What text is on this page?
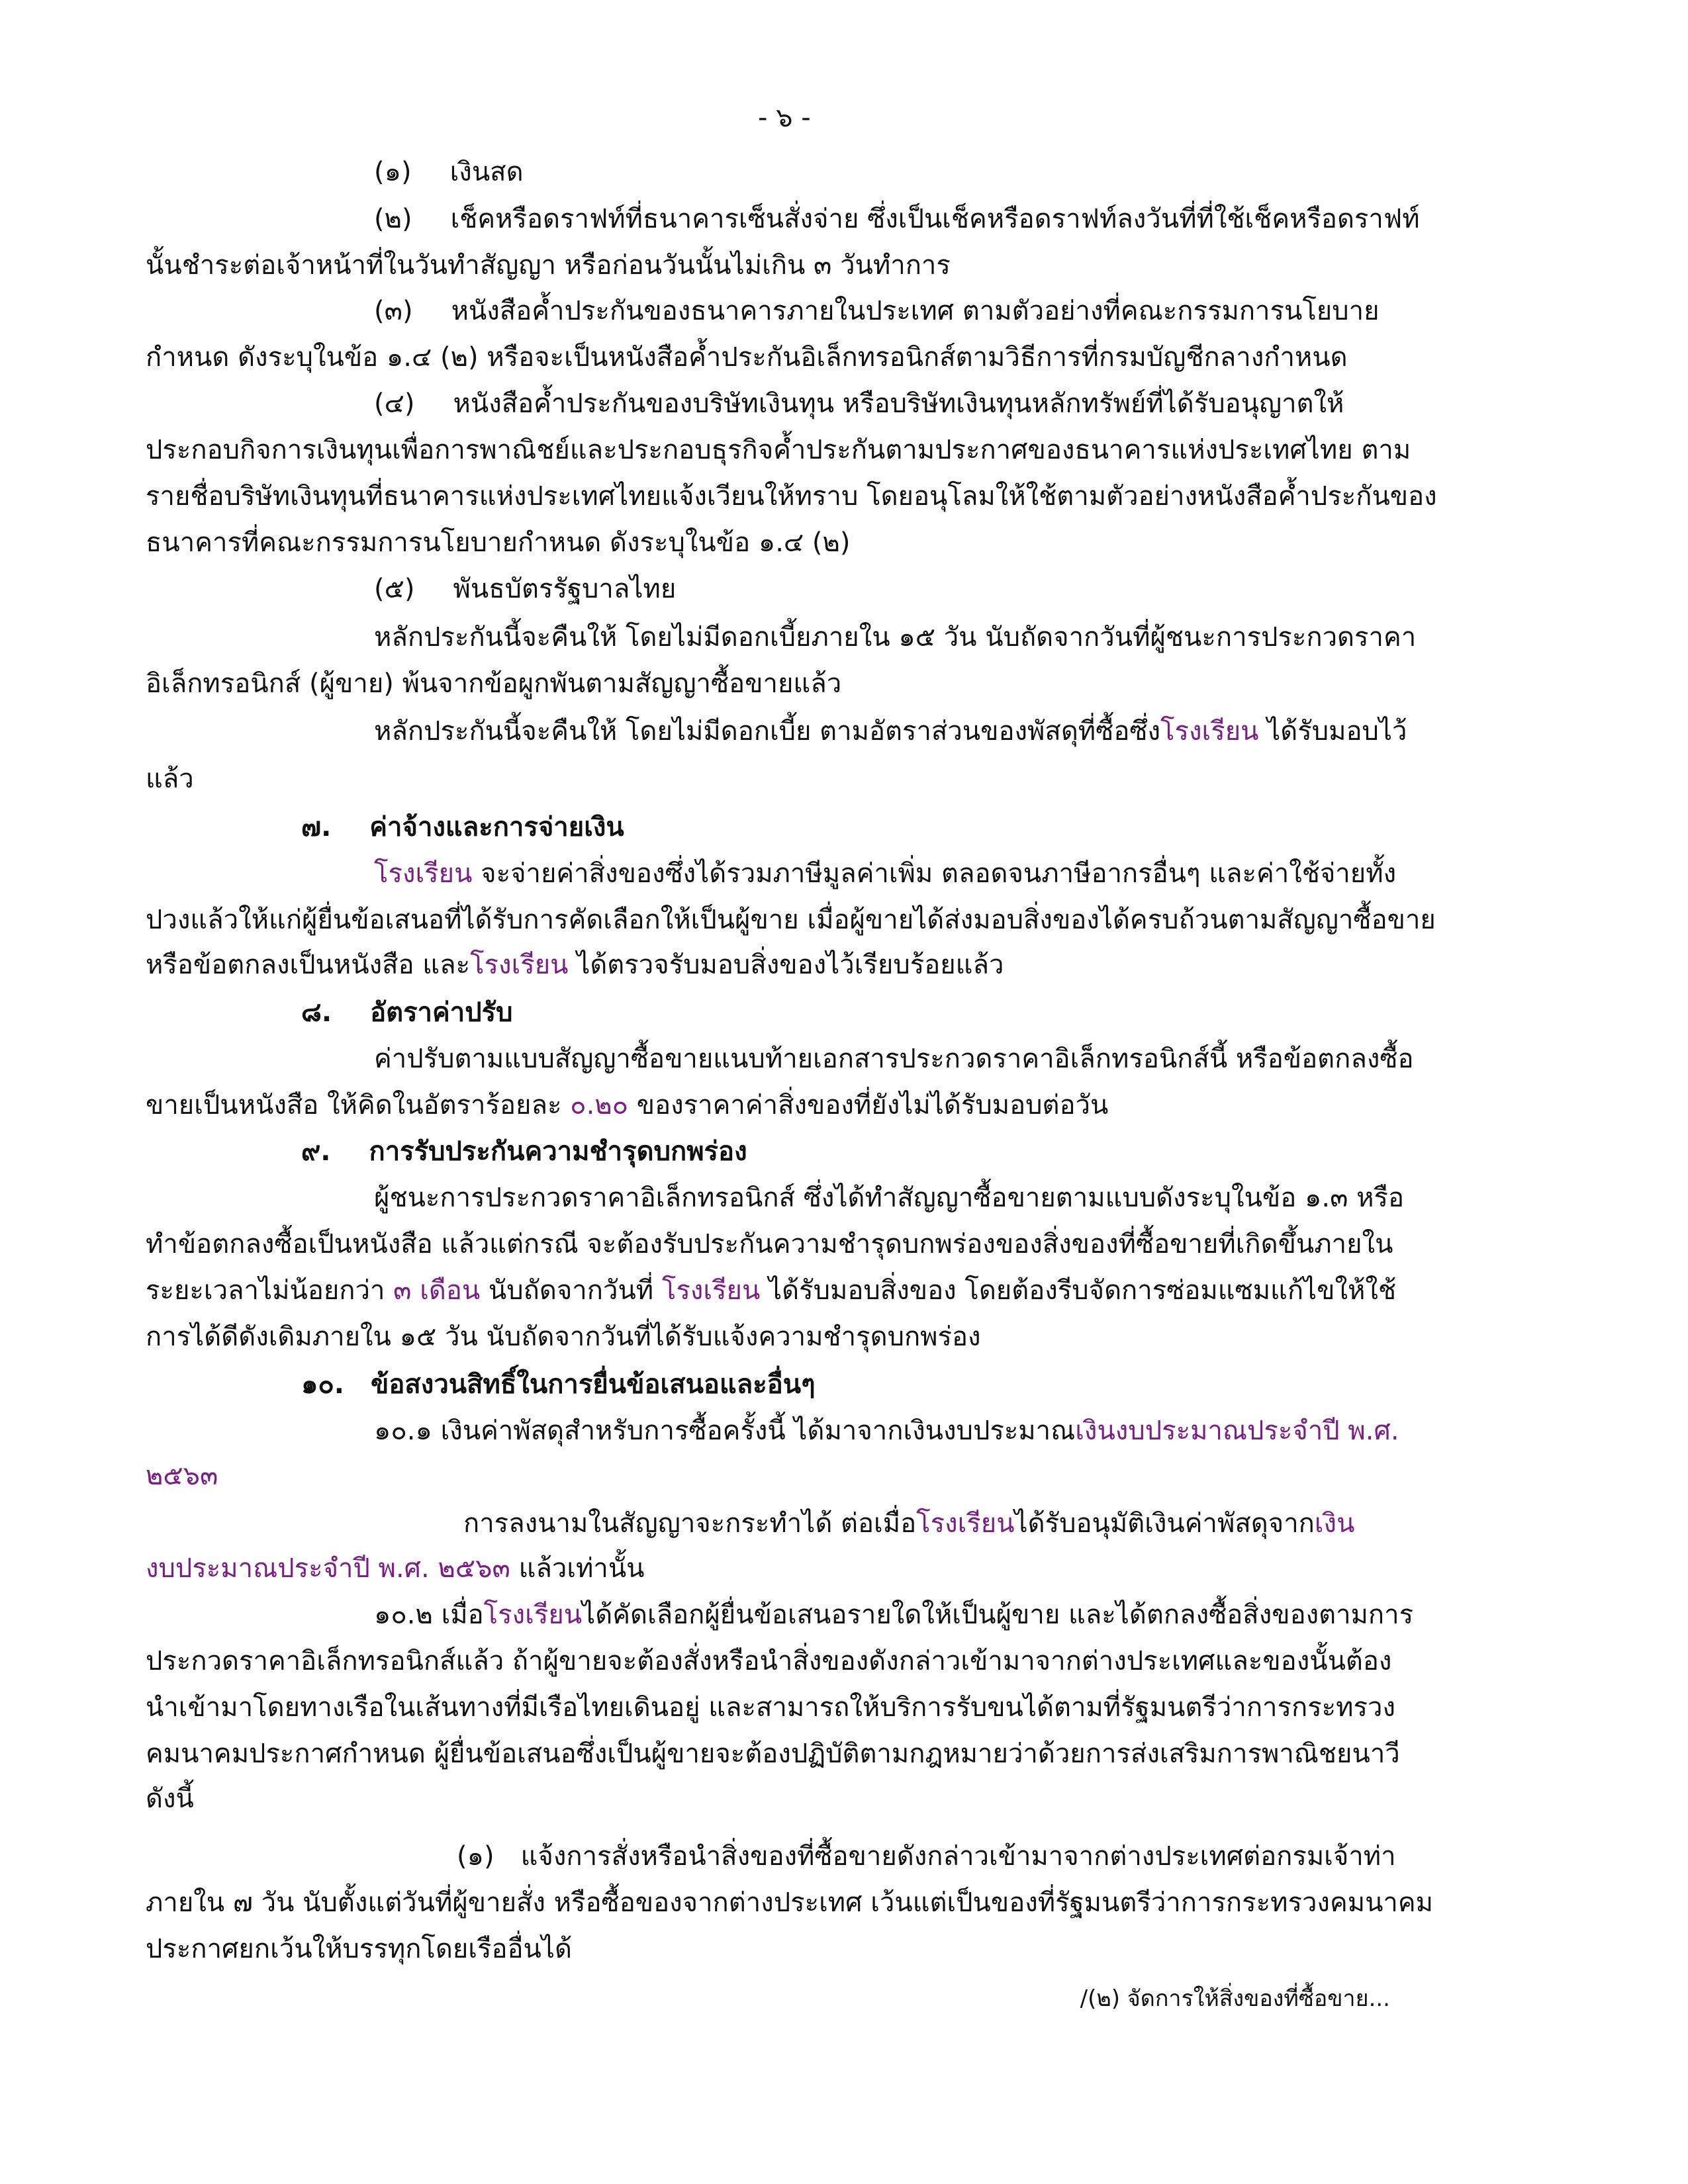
- ๖ -
(๑) เงินสด
(๒) เช็คหรือดราฟท์ที่ธนาคารเซ็นสั่งจ่าย ซึ่งเป็นเช็คหรือดราฟท์ลงวันที่ที่ใช้เช็คหรือดราฟท์
นั้นชำระต่อเจ้าหน้าที่ในวันทำสัญญา หรือก่อนวันนั้นไม่เกิน ๓ วันทำการ
(๓) หนังสือค้ำประกันของธนาคารภายในประเทศ ตามตัวอย่างที่คณะกรรมการนโยบาย
กำหนด ดังระบุในข้อ ๑.๔ (๒) หรือจะเป็นหนังสือค้ำประกันอิเล็กทรอนิกส์ตามวิธีการที่กรมบัญชีกลางกำหนด
(๔) หนังสือค้ำประกันของบริษัทเงินทุน หรือบริษัทเงินทุนหลักทรัพย์ที่ได้รับอนุญาตให้
ประกอบกิจการเงินทุนเพื่อการพาณิชย์และประกอบธุรกิจค้ำประกันตามประกาศของธนาคารแห่งประเทศไทย ตาม
รายชื่อบริษัทเงินทุนที่ธนาคารแห่งประเทศไทยแจ้งเวียนให้ทราบ โดยอนุโลมให้ใช้ตามตัวอย่างหนังสือค้ำประกันของ
ธนาคารที่คณะกรรมการนโยบายกำหนด ดังระบุในข้อ ๑.๔ (๒)
(๕) พันธบัตรรัฐบาลไทย
หลักประกันนี้จะคืนให้ โดยไม่มีดอกเบี้ยภายใน ๑๕ วัน นับถัดจากวันที่ผู้ชนะการประกวดราคา
อิเล็กทรอนิกส์ (ผู้ขาย) พ้นจากข้อผูกพันตามสัญญาซื้อขายแล้ว
หลักประกันนี้จะคืนให้ โดยไม่มีดอกเบี้ย ตามอัตราส่วนของพัสดุที่ซื้อซึ่งโรงเรียน ได้รับมอบไว้
แล้ว
๗. ค่าจ้างและการจ่ายเงิน
โรงเรียน จะจ่ายค่าสิ่งของซึ่งได้รวมภาษีมูลค่าเพิ่ม ตลอดจนภาษีอากรอื่นๆ และค่าใช้จ่ายทั้ง
ปวงแล้วให้แก่ผู้ยื่นข้อเสนอที่ได้รับการคัดเลือกให้เป็นผู้ขาย เมื่อผู้ขายได้ส่งมอบสิ่งของได้ครบถ้วนตามสัญญาซื้อขาย
หรือข้อตกลงเป็นหนังสือ และโรงเรียน ได้ตรวจรับมอบสิ่งของไว้เรียบร้อยแล้ว
๘. อัตราค่าปรับ
ค่าปรับตามแบบสัญญาซื้อขายแนบท้ายเอกสารประกวดราคาอิเล็กทรอนิกส์นี้ หรือข้อตกลงซื้อ
ขายเป็นหนังสือ ให้คิดในอัตราร้อยละ ๐.๒๐ ของราคาค่าสิ่งของที่ยังไม่ได้รับมอบต่อวัน
๙. การรับประกันความชำรุดบกพร่อง
ผู้ชนะการประกวดราคาอิเล็กทรอนิกส์ ซึ่งได้ทำสัญญาซื้อขายตามแบบดังระบุในข้อ ๑.๓ หรือ
ทำข้อตกลงซื้อเป็นหนังสือ แล้วแต่กรณี จะต้องรับประกันความชำรุดบกพร่องของสิ่งของที่ซื้อขายที่เกิดขึ้นภายใน
ระยะเวลาไม่น้อยกว่า ๓ เดือน นับถัดจากวันที่ โรงเรียน ได้รับมอบสิ่งของ โดยต้องรีบจัดการซ่อมแซมแก้ไขให้ใช้
การได้ดีดังเดิมภายใน ๑๕ วัน นับถัดจากวันที่ได้รับแจ้งความชำรุดบกพร่อง
๑๐. ข้อสงวนสิทธิ์ในการยื่นข้อเสนอและอื่นๆ
๑๐.๑ เงินค่าพัสดุสำหรับการซื้อครั้งนี้ ได้มาจากเงินงบประมาณเงินงบประมาณประจำปี พ.ศ.
๒๕๖๓
การลงนามในสัญญาจะกระทำได้ ต่อเมื่อโรงเรียนได้รับอนุมัติเงินค่าพัสดุจากเงิน
งบประมาณประจำปี พ.ศ. ๒๕๖๓ แล้วเท่านั้น
๑๐.๒ เมื่อโรงเรียนได้คัดเลือกผู้ยื่นข้อเสนอรายใดให้เป็นผู้ขาย และได้ตกลงซื้อสิ่งของตามการ
ประกวดราคาอิเล็กทรอนิกส์แล้ว ถ้าผู้ขายจะต้องสั่งหรือนำสิ่งของดังกล่าวเข้ามาจากต่างประเทศและของนั้นต้อง
นำเข้ามาโดยทางเรือในเส้นทางที่มีเรือไทยเดินอยู่ และสามารถให้บริการรับขนได้ตามที่รัฐมนตรีว่าการกระทรวง
คมนาคมประกาศกำหนด ผู้ยื่นข้อเสนอซึ่งเป็นผู้ขายจะต้องปฏิบัติตามกฎหมายว่าด้วยการส่งเสริมการพาณิชยนาวี
ดังนี้
(๑) แจ้งการสั่งหรือนำสิ่งของที่ซื้อขายดังกล่าวเข้ามาจากต่างประเทศต่อกรมเจ้าท่า
ภายใน ๗ วัน นับตั้งแต่วันที่ผู้ขายสั่ง หรือซื้อของจากต่างประเทศ เว้นแต่เป็นของที่รัฐมนตรีว่าการกระทรวงคมนาคม
ประกาศยกเว้นให้บรรทุกโดยเรืออื่นได้
/(๒) จัดการให้สิ่งของที่ซื้อขาย...
